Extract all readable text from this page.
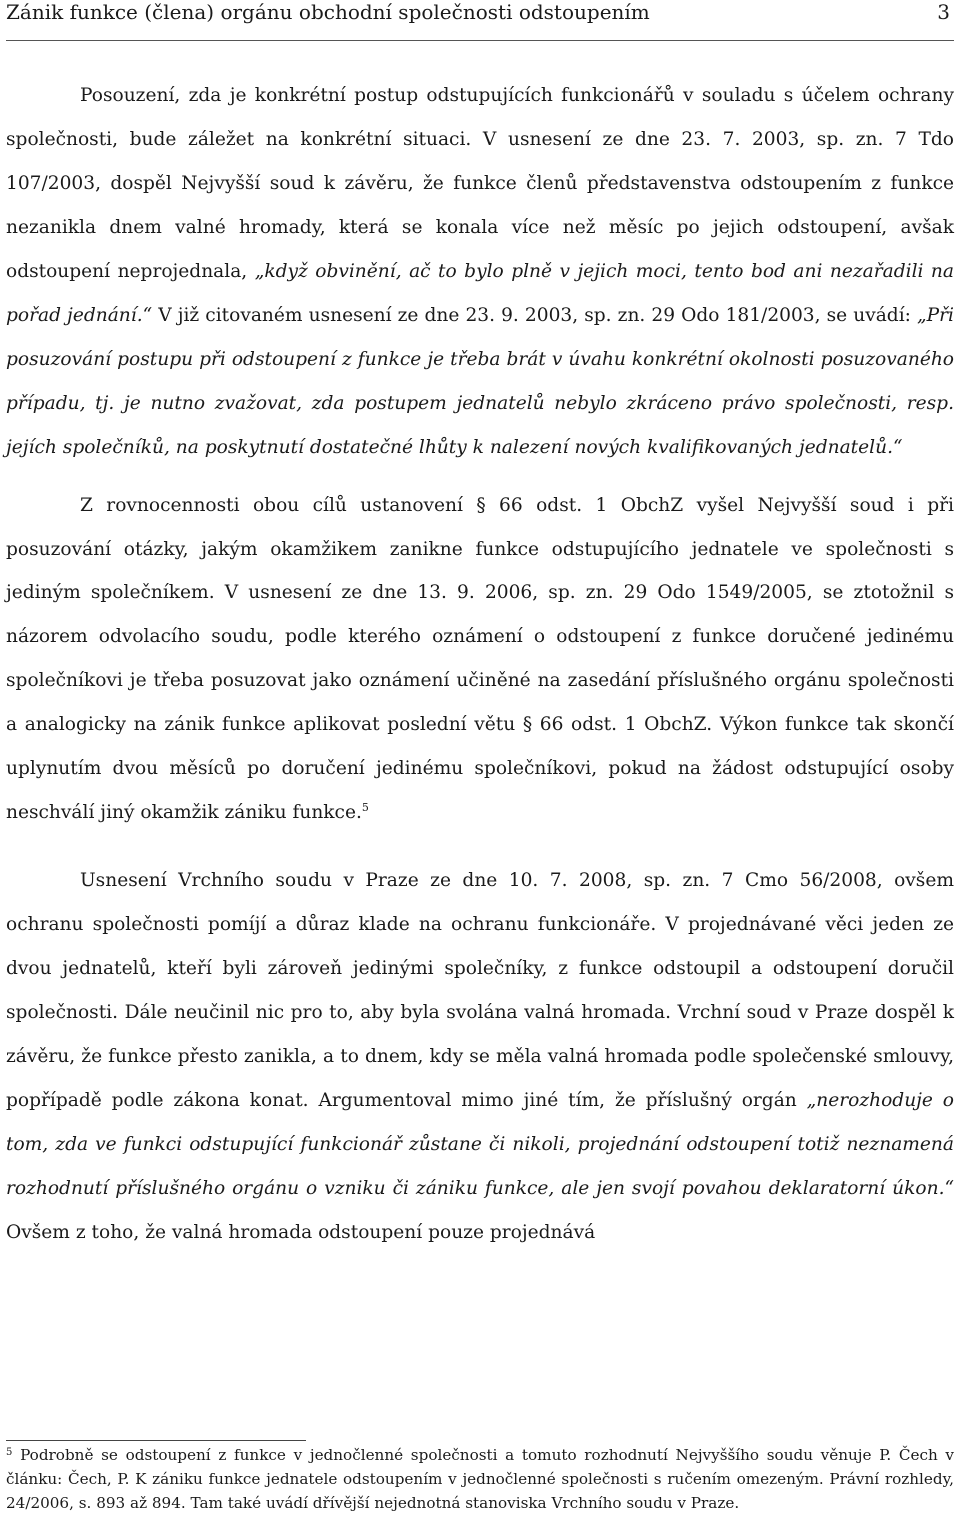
Zánik funkce (člena) orgánu obchodní společnosti odstoupením	3

Posouzení, zda je konkrétní postup odstupujících funkcionářů v souladu s účelem ochrany společnosti, bude záležet na konkrétní situaci. V usnesení ze dne 23. 7. 2003, sp. zn. 7 Tdo 107/2003, dospěl Nejvyšší soud k závěru, že funkce členů představenstva odstoupením z funkce nezanikla dnem valné hromady, která se konala více než měsíc po jejich odstoupení, avšak odstoupení neprojednala, „když obvinění, ač to bylo plně v jejich moci, tento bod ani nezařadili na pořad jednání.“ V již citovaném usnesení ze dne 23. 9. 2003, sp. zn. 29 Odo 181/2003, se uvádí: „Při posuzování postupu při odstoupení z funkce je třeba brát v úvahu konkrétní okolnosti posuzovaného případu, tj. je nutno zvažovat, zda postupem jednatelů nebylo zkráceno právo společnosti, resp. jejích společníků, na poskytnutí dostatečné lhůty k nalezení nových kvalifikovaných jednatelů.“

Z rovnocennosti obou cílů ustanovení § 66 odst. 1 ObchZ vyšel Nejvyšší soud i při posuzování otázky, jakým okamžikem zanikne funkce odstupujícího jednatele ve společnosti s jediným společníkem. V usnesení ze dne 13. 9. 2006, sp. zn. 29 Odo 1549/2005, se ztotožnil s názorem odvolacího soudu, podle kterého oznámení o odstoupení z funkce doručené jedinému společníkovi je třeba posuzovat jako oznámení učiněné na zasedání příslušného orgánu společnosti a analogicky na zánik funkce aplikovat poslední větu § 66 odst. 1 ObchZ. Výkon funkce tak skončí uplynutím dvou měsíců po doručení jedinému společníkovi, pokud na žádost odstupující osoby neschválí jiný okamžik zániku funkce.$^5$

Usnesení Vrchního soudu v Praze ze dne 10. 7. 2008, sp. zn. 7 Cmo 56/2008, ovšem ochranu společnosti pomíjí a důraz klade na ochranu funkcionáře. V projednávané věci jeden ze dvou jednatelů, kteří byli zároveň jedinými společníky, z funkce odstoupil a odstoupení doručil společnosti. Dále neučinil nic pro to, aby byla svolána valná hromada. Vrchní soud v Praze dospěl k závěru, že funkce přesto zanikla, a to dnem, kdy se měla valná hromada podle společenské smlouvy, popřípadě podle zákona konat. Argumentoval mimo jiné tím, že příslušný orgán „nerozhoduje o tom, zda ve funkci odstupující funkcionář zůstane či nikoli, projednání odstoupení totiž neznamená rozhodnutí příslušného orgánu o vzniku či zániku funkce, ale jen svojí povahou deklaratorní úkon.“ Ovšem z toho, že valná hromada odstoupení pouze projednává

$^5$ Podrobně se odstoupení z funkce v jednočlenné společnosti a tomuto rozhodnutí Nejvyššího soudu věnuje P. Čech v článku: Čech, P. K zániku funkce jednatele odstoupením v jednočlenné společnosti s ručením omezeným. Právní rozhledy, 24/2006, s. 893 až 894. Tam také uvádí dřívější nejednotná stanoviska Vrchního soudu v Praze.
